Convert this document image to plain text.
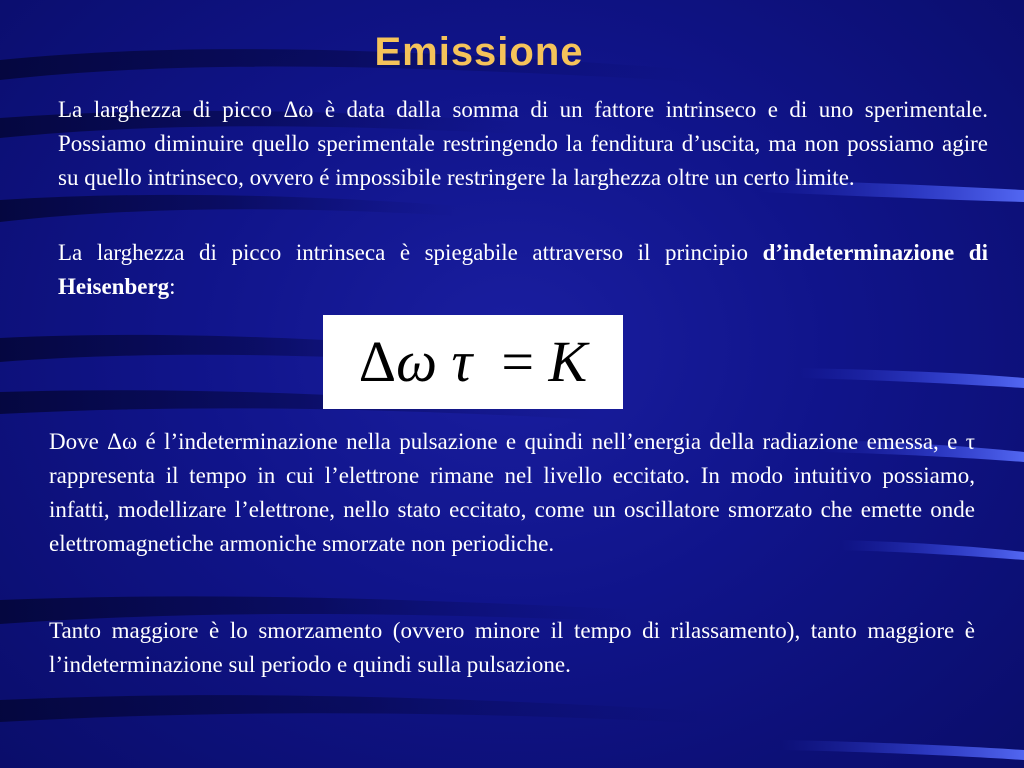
Emissione

La larghezza di picco Δω è data dalla somma di un fattore intrinseco e di uno sperimentale. Possiamo diminuire quello sperimentale restringendo la fenditura d’uscita, ma non possiamo agire su quello intrinseco, ovvero é impossibile restringere la larghezza oltre un certo limite.

La larghezza di picco intrinseca è spiegabile attraverso il principio d’indeterminazione di Heisenberg:

Δω τ = K

Dove Δω é l’indeterminazione nella pulsazione e quindi nell’energia della radiazione emessa, e τ rappresenta il tempo in cui l’elettrone rimane nel livello eccitato. In modo intuitivo possiamo, infatti, modellizare l’elettrone, nello stato eccitato, come un oscillatore smorzato che emette onde elettromagnetiche armoniche smorzate non periodiche.

Tanto maggiore è lo smorzamento (ovvero minore il tempo di rilassamento), tanto maggiore è l’indeterminazione sul periodo e quindi sulla pulsazione.
